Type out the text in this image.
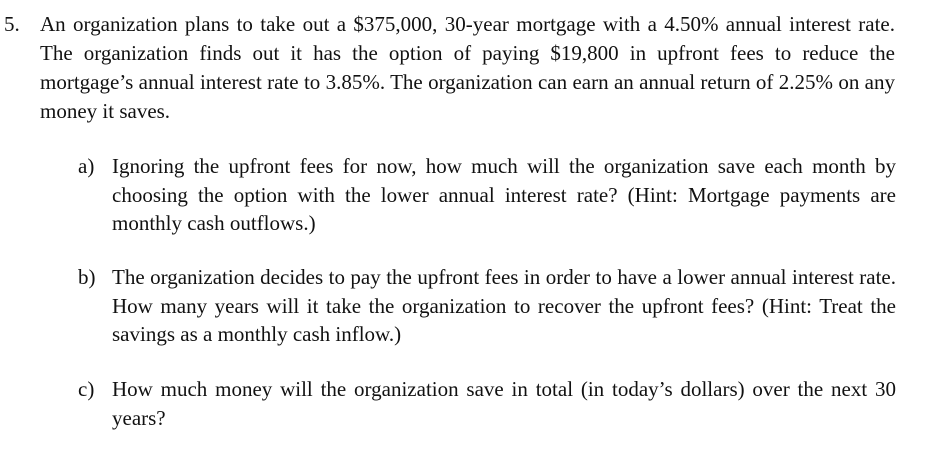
5. An organization plans to take out a $375,000, 30-year mortgage with a 4.50% annual interest rate. The organization finds out it has the option of paying $19,800 in upfront fees to reduce the mortgage’s annual interest rate to 3.85%. The organization can earn an annual return of 2.25% on any money it saves.
a) Ignoring the upfront fees for now, how much will the organization save each month by choosing the option with the lower annual interest rate? (Hint: Mortgage payments are monthly cash outflows.)
b) The organization decides to pay the upfront fees in order to have a lower annual interest rate. How many years will it take the organization to recover the upfront fees? (Hint: Treat the savings as a monthly cash inflow.)
c) How much money will the organization save in total (in today’s dollars) over the next 30 years?
